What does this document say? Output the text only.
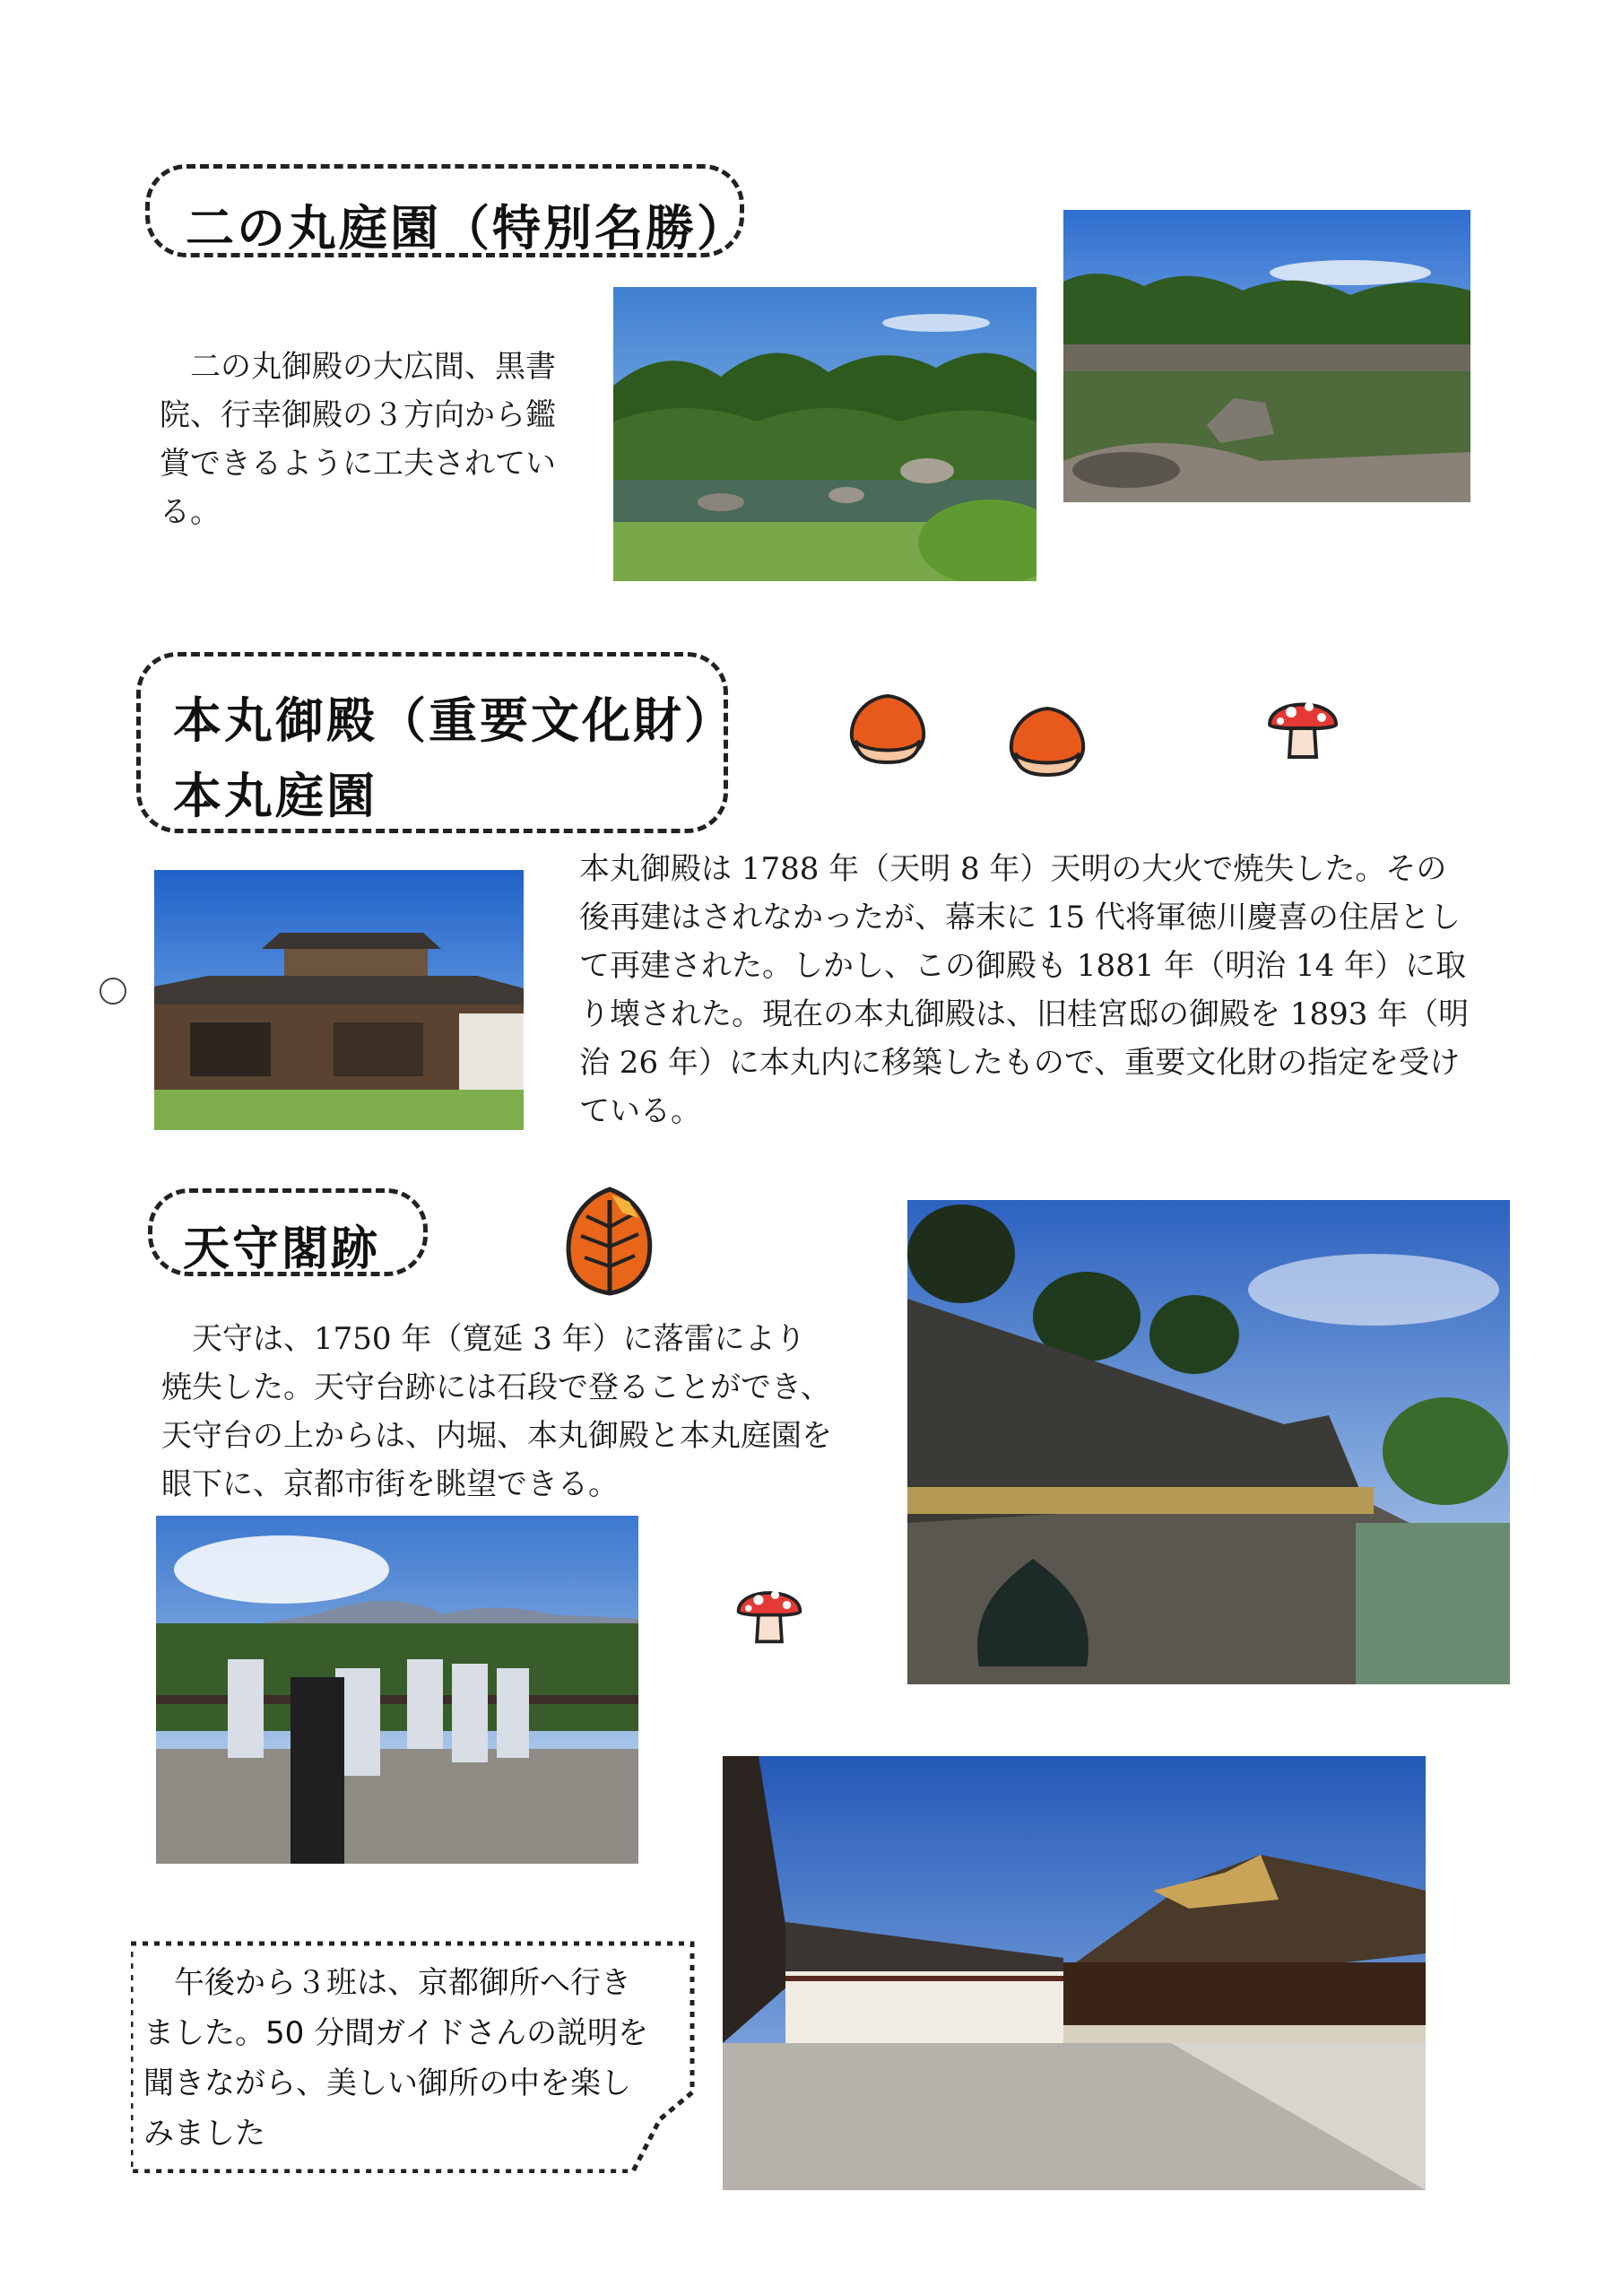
二の丸庭園（特別名勝）
　二の丸御殿の大広間、黒書院、行幸御殿の３方向から鑑賞できるように工夫されている。
本丸御殿（重要文化財）
本丸庭園
本丸御殿は 1788 年（天明 8 年）天明の大火で焼失した。その後再建はされなかったが、幕末に 15 代将軍徳川慶喜の住居として再建された。しかし、この御殿も 1881 年（明治 14 年）に取り壊された。現在の本丸御殿は、旧桂宮邸の御殿を 1893 年（明治 26 年）に本丸内に移築したもので、重要文化財の指定を受けている。
天守閣跡
　天守は、1750 年（寛延 3 年）に落雷により焼失した。天守台跡には石段で登ることができ、天守台の上からは、内堀、本丸御殿と本丸庭園を眼下に、京都市街を眺望できる。
　午後から３班は、京都御所へ行きました。50 分間ガイドさんの説明を聞きながら、美しい御所の中を楽しみました
